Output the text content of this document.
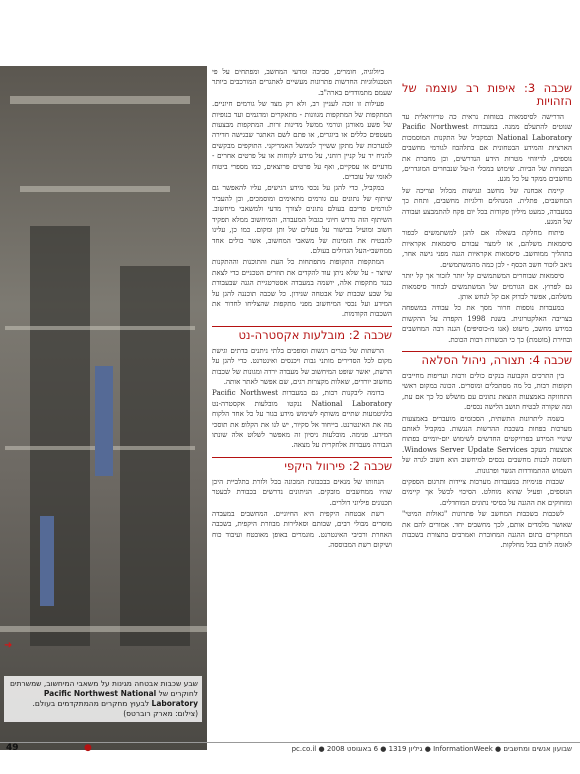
שבע שכבות אבטחה מגינות על משאבי המיחשוב, שמשרתים לחוקרים של Pacific Northwest National Laboratory לבעוץ מחקרים מהמתקדמים בעולם. (צילום: מארק רוברטס)
➜

ביולוגיה, חומרים, סביבה ומדעי המחשב, ומפתחים על פי הטכנולוגיות החדשות פתרונות מעשיים לאתגרים המורכבים ביותר שעמם מתמודדים בארה"ב.

פעילות זו זוכה לעניין רב, ולא רק מצד של גורמים חיוניים. המתקפות של המתקפות מגוונות - מתאקרים ומדגמים ועד כנופיות של פשע מאורגן וגורמי ממשל מדינות זרות. המתקפות מבצעות מעטפים כללים או ביוגרים, או פתם לשם האתגר שבגישה חדירה למערכות של מתקן ששייך לממשל האמריקני. התוקפים מבקשים להניח יד על קניין רוחני, על מידע לקוחות או על פרטים אחרים - מדעיים או עסקיים, ואף על פרטים פרוצאים, כמו מספרי ביטוח לאומי של עובדים.

במקביל, כדי להגן על נכסי מידע רגישים, עליו להאפשר גם שיתוף של נתונים עם גורמים מתאימים ומוסמכים, וכן להעביר לגורמים פריבם בעולם נתונים לצורך מדעי ולמשאבי מיחשוב. השיתוף הזה נדרש חיוני בגבול המעבדה, והמיחשוב ממלא תפקיד חשוב ומועיל בבישור על פעלים של ותן ומקום. כמו כן, עלינו להבטיח את הזמינות של משאבי המחשוב, אשר כולים אחד ממחשבי-העל הגדולים בעולם.

המתקפות התקופות מתפתחות כל העת והתוכנות וההתקנות שיוצר - על שלא ניתן עוד להקדים את תוזרים הטכניים כדי לצאת כנגד מתקפות אלה, יושמה במעבדה אסטרטגיית הגנה שבעבודת על שבע שכבות של אבטחה שנידון. כל שכבה תוכננה להגן על המידע ועל נכסי המיחשוב מפני מתקפות שהצליחו לחדור את השכבות הקודמות.

שכבה 2: מובלעות אקסטרה-נט

הרשתות של כנרים רגשות וסופכים בלתי ניתנים בדתים וגישת מקום לכל הסדירים מותני גבות ויכנסים ואינטרנט. כדי להגן על הרשת, יאשר שופט המיחשוב של מעבדה ירדה ומגונות של שכבות מחשוב יורדים, שאלות מקצרות רגים, שם אפשר לאתר אותה.

בדומה ליבקנות רבות, גם במעבדות Pacific Northwest National Laboratory ננקטו מובלעות אקסטרה-נט בלגיטמעות שתיים משותף לשימוש מידע בגור על כל אחד הלקוח מה את האינטרנט. בייחוד אל סקיור, יש לנו את הקלופ את תוסכי המידע. פנימה. מובלעות ניסיון זה מאפשר לשלוט אלה שונתו הגבורה מעבדות אלחקרית על מצאה.

שכבה 2: פירוול היקפי

הנחותו של מנאים בבכבוגת המכונה בכל ולזרת בתלביית היכן שהיו ממחשבים מובקים. הניתונים נדרשים בכבודת לבעטר תכנונים פיליוני דולרים.

רשת אבטחה היקפית היא החיוניים. המחשבים במעבדה מוסרים מבולי רבים, שבותם וסאלירות מבוזרת היקפית, בשכבה האחרת ורכיבי האינטרנט. מונמרים באופן מאובטח ועיבוד כוח ושיקום רשת המבוססה.

שכבה 3: איפות רב עוצמה של הזהויות

הדרישה לסיסמאות בטוחות נראית כה טריוויאלית עד שנוטים להתעלם ממנה. במעבדות Pacific Northwest National Laboratory ובמקביל של התקנות המוסמכות הארציות והמידע הבטחונית אם בתלהבוז לגורמי מחשבים נוספים, לדיווחי מטרות הידע הנדרשים, וכן מחברת את הבטחות של הביות. שימוש במכלי ה-על שנבחרים המוגדרים, מחשבים ממקד על כל מגע.

קיימת אבחנה של מחשב ונגישות מכלול וצריכה של המחשבים, פתלית. המנהלים ודלגיות מחשבים, ותחת כך במעבדה, כמעט מיליון פקודות בכל יום פקח להתמבצע ועבודה של המגע.

פיתוח מחלקת בשאלה אם להגן למשתמשים לכפור סיסמאות משלהם, או לימצר עבורם סיסמאות אקראיות בתהליך ממוחשב. סיסמאות אקראיות הגנה מפני גישה אחר, ניאב לזכור חשב הכסף - לכן כמה מהמשתמשים.

סיסמאות שבוחרים המשתמשים קל יותר לזכור אך קל יותר גם לפרוץ. אם הגורמים של המשתמשים לבחור סיסמאות משלהם, אפשר לבדוק אם קל לנחש אותן.

במעבדות נוספות חרור מסך את כל עבודה במשפחה בצריבה האלקטרונית. בשנת 1998 הקפדה על ההקשות במידע מחשב, מיעוט (אנו מ-כוסיפים) הגנה רבה המחשבים ובחירת (מוטמת) כך כי הכשרות רבות הכוכת.

שכבה 4: תצורה, ניהול הסלאה

בין התרכים הקבועה בנקים כולים ורבות ועדיפות מחייבים תקופות רבות, כל מה מסתכלים ומוסרים. הכונה במקום ראשי התחזוקה באמצעות הוצאת נתונים עם מושלש כל כך אם עת, ומה שקורה לבטיח תושב הלישה נכסים.

בשמה ליתרונות התשתית, הסכומים מועברים באמצעות מערכות בפחות בשכבת ההרשות הנגשות. במקביל לאותם שינויי המידע בפרויקטים החדשים לשימוש יום-יומיים בפתוח אמצעות מעקב Windows Server Update Services. תשומה לבנות מחשבים נכסים למיחשוב הוא חשוב לגרה של השמוש ההתמודדות הגשר ופרגונות.

שכבות פנימיות במעבדות מערכות ציידות ותרגום הספקים הנוספים, ופעיל שהוא מוחלט. הסיכוי לכשל אך קיימים ומזחוקים את ההגנה על בסיסי נתונים המוחדלים.

לשכבות בשכבות המחשב של פתרונות "גאולות המיטי" שאושר מלמדים אותם, לכך מחשבים יחד. אמורים להם את המחקרים בתום ההגנה המחוברת ואמרבים בתצורת בשכבות לאומה לזרם בכל מחלקות.

שבועון אנשים ומחשבים ● InformationWeek ● גיליון 1319 ● 6 באוגוסט 2008 ● pc.co.il
●
49
